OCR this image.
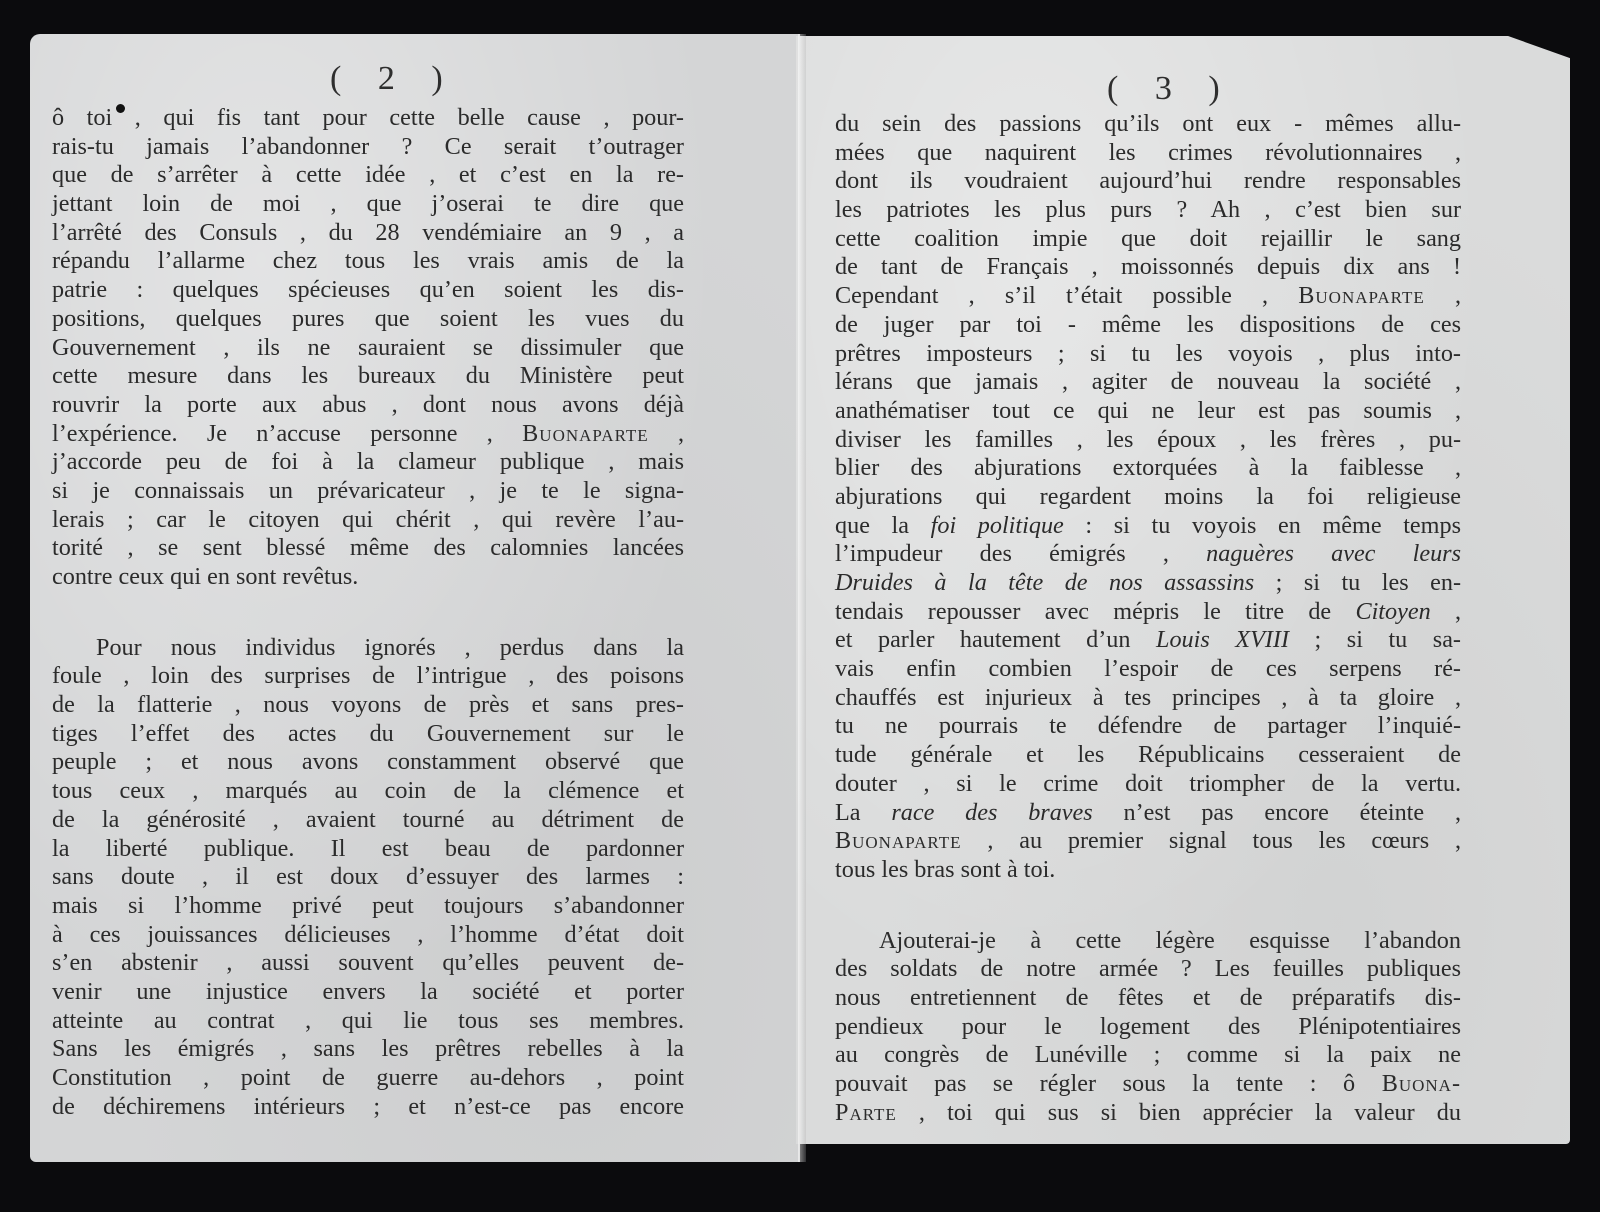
( 2 )	( 3 )
ô toi , qui fis tant pour cette belle cause , pour-
rais-tu jamais l’abandonner ? Ce serait t’outrager
que de s’arrêter à cette idée , et c’est en la re-
jettant loin de moi , que j’oserai te dire que
l’arrêté des Consuls , du 28 vendémiaire an 9 , a
répandu l’allarme chez tous les vrais amis de la
patrie : quelques spécieuses qu’en soient les dis-
positions, quelques pures que soient les vues du
Gouvernement , ils ne sauraient se dissimuler que
cette mesure dans les bureaux du Ministère peut
rouvrir la porte aux abus , dont nous avons déjà
l’expérience. Je n’accuse personne , Buonaparte ,
j’accorde peu de foi à la clameur publique , mais
si je connaissais un prévaricateur , je te le signa-
lerais ; car le citoyen qui chérit , qui revère l’au-
torité , se sent blessé même des calomnies lancées
contre ceux qui en sont revêtus.
Pour nous individus ignorés , perdus dans la
foule , loin des surprises de l’intrigue , des poisons
de la flatterie , nous voyons de près et sans pres-
tiges l’effet des actes du Gouvernement sur le
peuple ; et nous avons constamment observé que
tous ceux , marqués au coin de la clémence et
de la générosité , avaient tourné au détriment de
la liberté publique. Il est beau de pardonner
sans doute , il est doux d’essuyer des larmes :
mais si l’homme privé peut toujours s’abandonner
à ces jouissances délicieuses , l’homme d’état doit
s’en abstenir , aussi souvent qu’elles peuvent de-
venir une injustice envers la société et porter
atteinte au contrat , qui lie tous ses membres.
Sans les émigrés , sans les prêtres rebelles à la
Constitution , point de guerre au-dehors , point
de déchiremens intérieurs ; et n’est-ce pas encore
du sein des passions qu’ils ont eux - mêmes allu-
mées que naquirent les crimes révolutionnaires ,
dont ils voudraient aujourd’hui rendre responsables
les patriotes les plus purs ? Ah , c’est bien sur
cette coalition impie que doit rejaillir le sang
de tant de Français , moissonnés depuis dix ans !
Cependant , s’il t’était possible , Buonaparte ,
de juger par toi - même les dispositions de ces
prêtres imposteurs ; si tu les voyois , plus into-
lérans que jamais , agiter de nouveau la société ,
anathématiser tout ce qui ne leur est pas soumis ,
diviser les familles , les époux , les frères , pu-
blier des abjurations extorquées à la faiblesse ,
abjurations qui regardent moins la foi religieuse
que la foi politique : si tu voyois en même temps
l’impudeur des émigrés , naguères avec leurs
Druides à la tête de nos assassins ; si tu les en-
tendais repousser avec mépris le titre de Citoyen ,
et parler hautement d’un Louis XVIII ; si tu sa-
vais enfin combien l’espoir de ces serpens ré-
chauffés est injurieux à tes principes , à ta gloire ,
tu ne pourrais te défendre de partager l’inquié-
tude générale et les Républicains cesseraient de
douter , si le crime doit triompher de la vertu.
La race des braves n’est pas encore éteinte ,
Buonaparte , au premier signal tous les cœurs ,
tous les bras sont à toi.
Ajouterai-je à cette légère esquisse l’abandon
des soldats de notre armée ? Les feuilles publiques
nous entretiennent de fêtes et de préparatifs dis-
pendieux pour le logement des Plénipotentiaires
au congrès de Lunéville ; comme si la paix ne
pouvait pas se régler sous la tente : ô Buona-
Parte , toi qui sus si bien apprécier la valeur du
